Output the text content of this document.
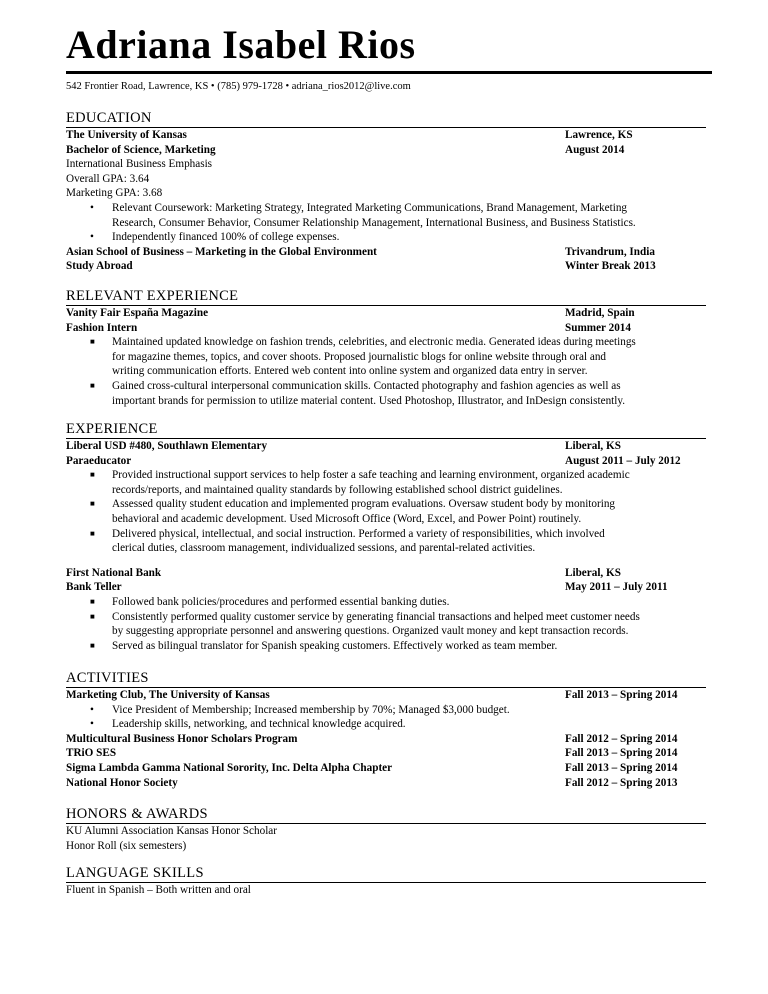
Adriana Isabel Rios
542 Frontier Road, Lawrence, KS • (785) 979-1728 • adriana_rios2012@live.com
EDUCATION
The University of Kansas	Lawrence, KS
Bachelor of Science, Marketing	August 2014
International Business Emphasis
Overall GPA: 3.64
Marketing GPA: 3.68
•	Relevant Coursework: Marketing Strategy, Integrated Marketing Communications, Brand Management, Marketing
Research, Consumer Behavior, Consumer Relationship Management, International Business, and Business Statistics.
•	Independently financed 100% of college expenses.
Asian School of Business – Marketing in the Global Environment	Trivandrum, India
Study Abroad	Winter Break 2013
RELEVANT EXPERIENCE
Vanity Fair España Magazine	Madrid, Spain
Fashion Intern	Summer 2014
■	Maintained updated knowledge on fashion trends, celebrities, and electronic media. Generated ideas during meetings
for magazine themes, topics, and cover shoots. Proposed journalistic blogs for online website through oral and
writing communication efforts. Entered web content into online system and organized data entry in server.
■	Gained cross-cultural interpersonal communication skills. Contacted photography and fashion agencies as well as
important brands for permission to utilize material content. Used Photoshop, Illustrator, and InDesign consistently.
EXPERIENCE
Liberal USD #480, Southlawn Elementary	Liberal, KS
Paraeducator	August 2011 – July 2012
■	Provided instructional support services to help foster a safe teaching and learning environment, organized academic
records/reports, and maintained quality standards by following established school district guidelines.
■	Assessed quality student education and implemented program evaluations. Oversaw student body by monitoring
behavioral and academic development. Used Microsoft Office (Word, Excel, and Power Point) routinely.
■	Delivered physical, intellectual, and social instruction. Performed a variety of responsibilities, which involved
clerical duties, classroom management, individualized sessions, and parental-related activities.
First National Bank	Liberal, KS
Bank Teller	May 2011 – July 2011
■	Followed bank policies/procedures and performed essential banking duties.
■	Consistently performed quality customer service by generating financial transactions and helped meet customer needs
by suggesting appropriate personnel and answering questions. Organized vault money and kept transaction records.
■	Served as bilingual translator for Spanish speaking customers. Effectively worked as team member.
ACTIVITIES
Marketing Club, The University of Kansas	Fall 2013 – Spring 2014
•	Vice President of Membership; Increased membership by 70%; Managed $3,000 budget.
•	Leadership skills, networking, and technical knowledge acquired.
Multicultural Business Honor Scholars Program	Fall 2012 – Spring 2014
TRiO SES	Fall 2013 – Spring 2014
Sigma Lambda Gamma National Sorority, Inc. Delta Alpha Chapter	Fall 2013 – Spring 2014
National Honor Society	Fall 2012 – Spring 2013
HONORS & AWARDS
KU Alumni Association Kansas Honor Scholar
Honor Roll (six semesters)
LANGUAGE SKILLS
Fluent in Spanish – Both written and oral
